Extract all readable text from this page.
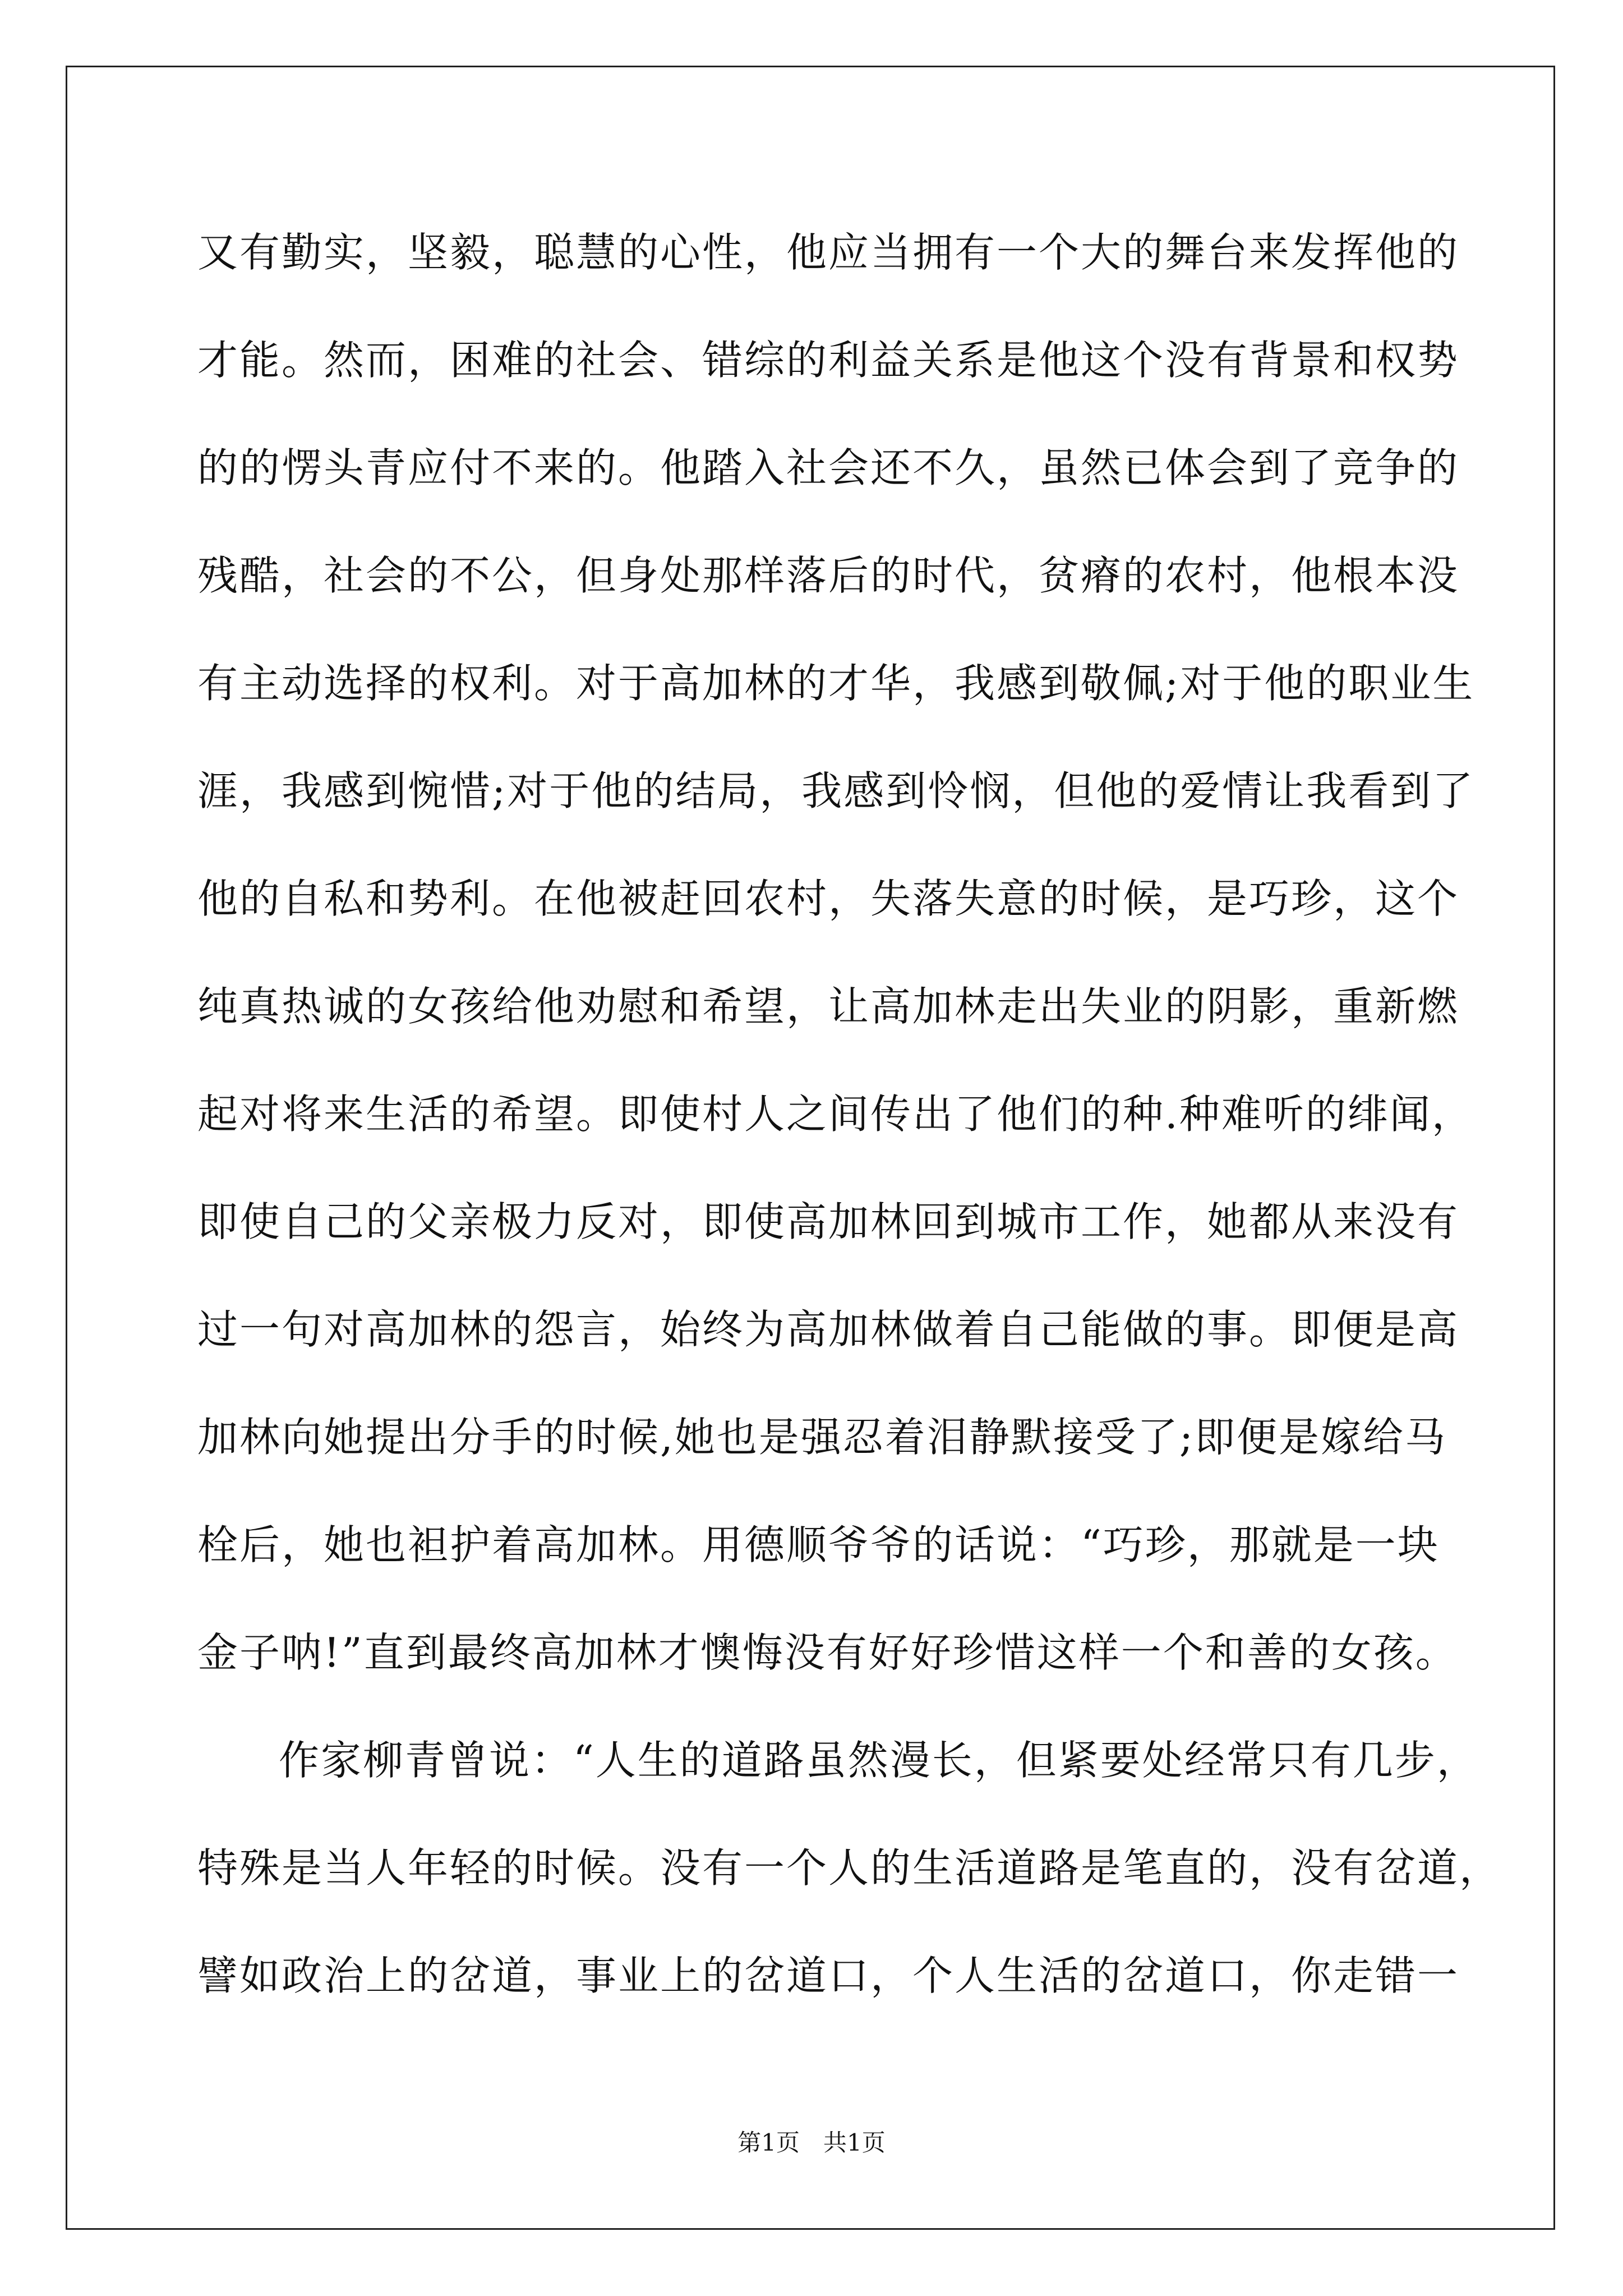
又有勤实，坚毅，聪慧的心性，他应当拥有一个大的舞台来发挥他的
才能。然而，困难的社会、错综的利益关系是他这个没有背景和权势
的的愣头青应付不来的。他踏入社会还不久，虽然已体会到了竞争的
残酷，社会的不公，但身处那样落后的时代，贫瘠的农村，他根本没
有主动选择的权利。对于高加林的才华，我感到敬佩;对于他的职业生
涯，我感到惋惜;对于他的结局，我感到怜悯，但他的爱情让我看到了
他的自私和势利。在他被赶回农村，失落失意的时候，是巧珍，这个
纯真热诚的女孩给他劝慰和希望，让高加林走出失业的阴影，重新燃
起对将来生活的希望。即使村人之间传出了他们的种.种难听的绯闻，
即使自己的父亲极力反对，即使高加林回到城市工作，她都从来没有
过一句对高加林的怨言，始终为高加林做着自己能做的事。即便是高
加林向她提出分手的时候,她也是强忍着泪静默接受了;即便是嫁给马
栓后，她也袒护着高加林。用德顺爷爷的话说：“巧珍，那就是一块
金子呐!”直到最终高加林才懊悔没有好好珍惜这样一个和善的女孩。
作家柳青曾说：“人生的道路虽然漫长，但紧要处经常只有几步，
特殊是当人年轻的时候。没有一个人的生活道路是笔直的，没有岔道，
譬如政治上的岔道，事业上的岔道口，个人生活的岔道口，你走错一
第1页　共1页
